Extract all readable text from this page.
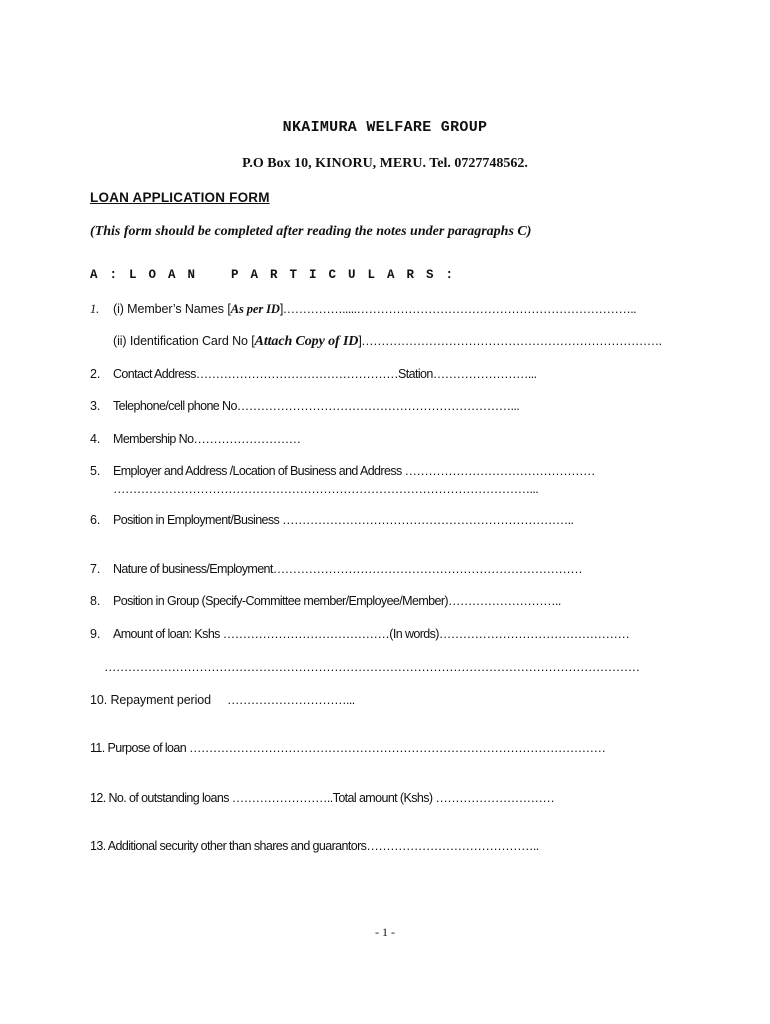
NKAIMURA WELFARE GROUP
P.O Box 10, KINORU, MERU. Tel. 0727748562.
LOAN APPLICATION FORM
(This form should be completed after reading the notes under paragraphs C)
A:LOAN PARTICULARS:
1. (i) Member’s Names [As per ID]…………….....……………………………………………………………..
(ii) Identification Card No [Attach Copy of ID]………………………………………………………………….
2. Contact Address……………………………………………Station……………………...
3. Telephone/cell phone No……………………………………………………………...
4. Membership No………………………
5. Employer and Address /Location of Business and Address …………………………………………
……………………………………………………………………………………………...
6. Position in Employment/Business ………………………………………………………………..
7. Nature of business/Employment……………………………………………………………………
8. Position in Group (Specify-Committee member/Employee/Member)………………………..
9. Amount of loan: Kshs ……………………………………(In words)…………………………………………
………………………………………………………………………………………………………………………
10. Repayment period …………………………...
11. Purpose of loan ……………………………………………………………………………………………
12. No. of outstanding loans ……………………..Total amount (Kshs) …………………………
13. Additional security other than shares and guarantors……………………………………..
- 1 -
